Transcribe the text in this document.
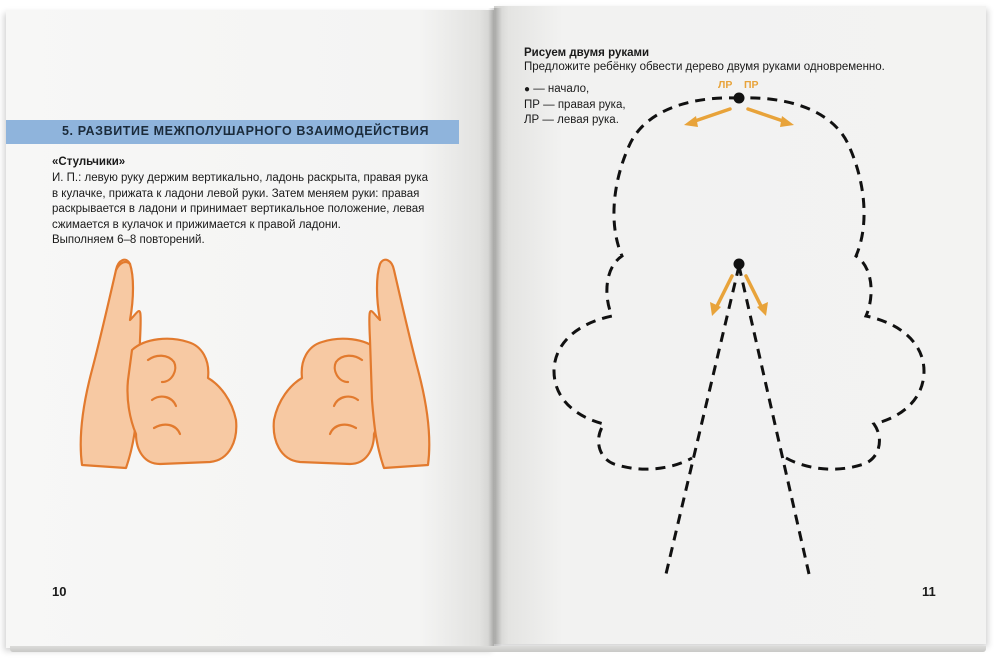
5. РАЗВИТИЕ МЕЖПОЛУШАРНОГО ВЗАИМОДЕЙСТВИЯ
«Стульчики»

И. П.: левую руку держим вертикально, ладонь раскрыта, правая рука

в кулачке, прижата к ладони левой руки. Затем меняем руки: правая

раскрывается в ладони и принимает вертикальное положение, левая

сжимается в кулачок и прижимается к правой ладони.

Выполняем 6–8 повторений.

10
Рисуем двумя руками
Предложите ребёнку обвести дерево двумя руками одновременно.
● — начало,
ПР — правая рука,
ЛР — левая рука.
ЛР ПР
11
